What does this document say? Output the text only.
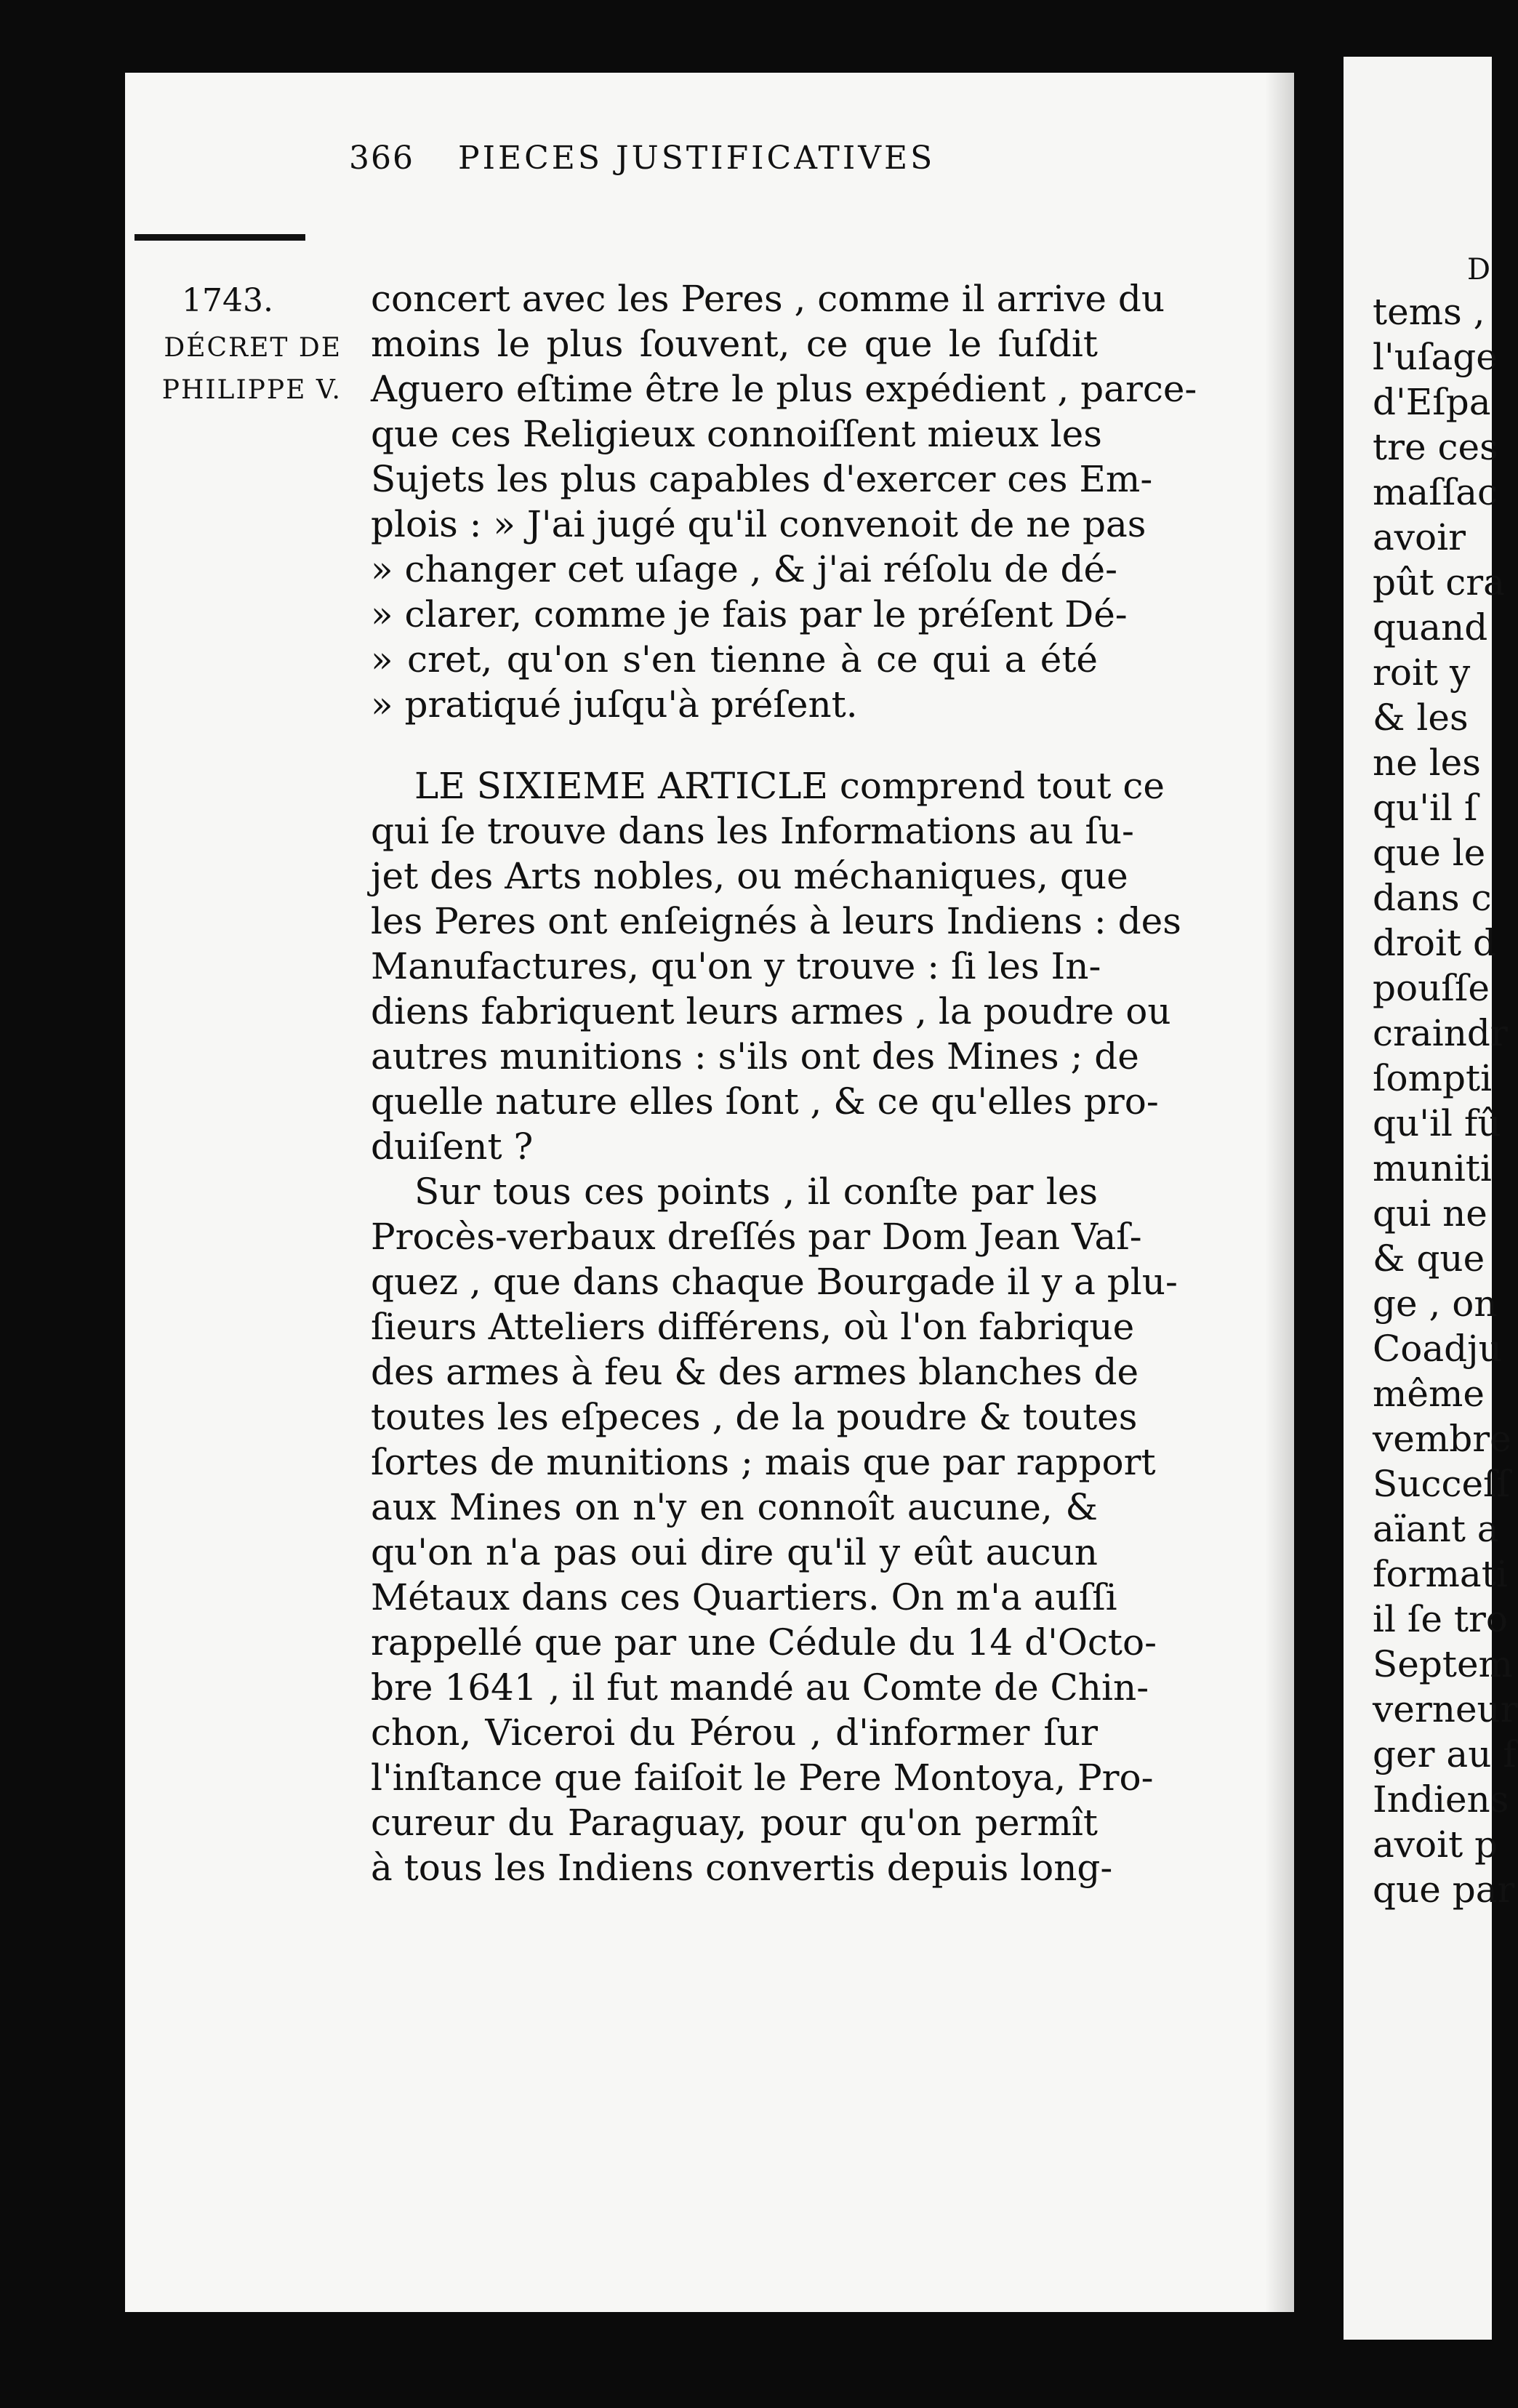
D
tems ,
l'uſage
d'Eſpa
tre ces
maſſac
avoir
pût cra
quand
roit y
& les
ne les
qu'il ſ
que le
dans c
droit d
pouſſe
craindr
ſompti
qu'il fû
muniti
qui ne
& que
ge , on
Coadju
même
vembre
Succeſſ
aïant a
formati
il ſe tro
Septem
verneur
ger au f
Indiens
avoit p
que par
366 PIECES JUSTIFICATIVES
1743.
DÉCRET DE
PHILIPPE V.
concert avec les Peres , comme il arrive du
moins le plus ſouvent, ce que le ſuſdit
Aguero eſtime être le plus expédient , parce-
que ces Religieux connoiſſent mieux les
Sujets les plus capables d'exercer ces Em-
plois : » J'ai jugé qu'il convenoit de ne pas
» changer cet uſage , & j'ai réſolu de dé-
» clarer, comme je fais par le préſent Dé-
» cret, qu'on s'en tienne à ce qui a été
» pratiqué juſqu'à préſent.
LE SIXIEME ARTICLE comprend tout ce
qui ſe trouve dans les Informations au ſu-
jet des Arts nobles, ou méchaniques, que
les Peres ont enſeignés à leurs Indiens : des
Manufactures, qu'on y trouve : ſi les In-
diens fabriquent leurs armes , la poudre ou
autres munitions : s'ils ont des Mines ; de
quelle nature elles ſont , & ce qu'elles pro-
duiſent ?
Sur tous ces points , il conſte par les
Procès-verbaux dreſſés par Dom Jean Vaſ-
quez , que dans chaque Bourgade il y a plu-
ſieurs Atteliers différens, où l'on fabrique
des armes à feu & des armes blanches de
toutes les eſpeces , de la poudre & toutes
ſortes de munitions ; mais que par rapport
aux Mines on n'y en connoît aucune, &
qu'on n'a pas oui dire qu'il y eût aucun
Métaux dans ces Quartiers. On m'a auſſi
rappellé que par une Cédule du 14 d'Octo-
bre 1641 , il fut mandé au Comte de Chin-
chon, Viceroi du Pérou , d'informer ſur
l'inſtance que faiſoit le Pere Montoya, Pro-
cureur du Paraguay, pour qu'on permît
à tous les Indiens convertis depuis long-
